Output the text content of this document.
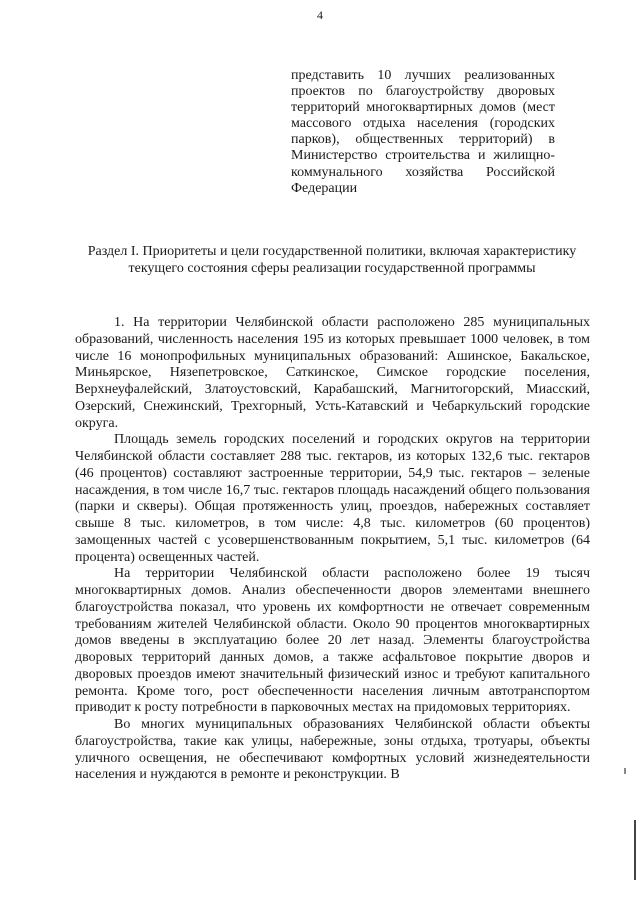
4

представить 10 лучших реализованных проектов по благоустройству дворовых территорий многоквартирных домов (мест массового отдыха населения (городских парков), общественных территорий) в Министерство строительства и жилищно-коммунального хозяйства Российской Федерации

Раздел I. Приоритеты и цели государственной политики, включая характеристику текущего состояния сферы реализации государственной программы

1. На территории Челябинской области расположено 285 муниципальных образований, численность населения 195 из которых превышает 1000 человек, в том числе 16 монопрофильных муниципальных образований: Ашинское, Бакальское, Миньярское, Нязепетровское, Саткинское, Симское городские поселения, Верхнеуфалейский, Златоустовский, Карабашский, Магнитогорский, Миасский, Озерский, Снежинский, Трехгорный, Усть-Катавский и Чебаркульский городские округа.

Площадь земель городских поселений и городских округов на территории Челябинской области составляет 288 тыс. гектаров, из которых 132,6 тыс. гектаров (46 процентов) составляют застроенные территории, 54,9 тыс. гектаров – зеленые насаждения, в том числе 16,7 тыс. гектаров площадь насаждений общего пользования (парки и скверы). Общая протяженность улиц, проездов, набережных составляет свыше 8 тыс. километров, в том числе: 4,8 тыс. километров (60 процентов) замощенных частей с усовершенствованным покрытием, 5,1 тыс. километров (64 процента) освещенных частей.

На территории Челябинской области расположено более 19 тысяч многоквартирных домов. Анализ обеспеченности дворов элементами внешнего благоустройства показал, что уровень их комфортности не отвечает современным требованиям жителей Челябинской области. Около 90 процентов многоквартирных домов введены в эксплуатацию более 20 лет назад. Элементы благоустройства дворовых территорий данных домов, а также асфальтовое покрытие дворов и дворовых проездов имеют значительный физический износ и требуют капитального ремонта. Кроме того, рост обеспеченности населения личным автотранспортом приводит к росту потребности в парковочных местах на придомовых территориях.

Во многих муниципальных образованиях Челябинской области объекты благоустройства, такие как улицы, набережные, зоны отдыха, тротуары, объекты уличного освещения, не обеспечивают комфортных условий жизнедеятельности населения и нуждаются в ремонте и реконструкции. В
